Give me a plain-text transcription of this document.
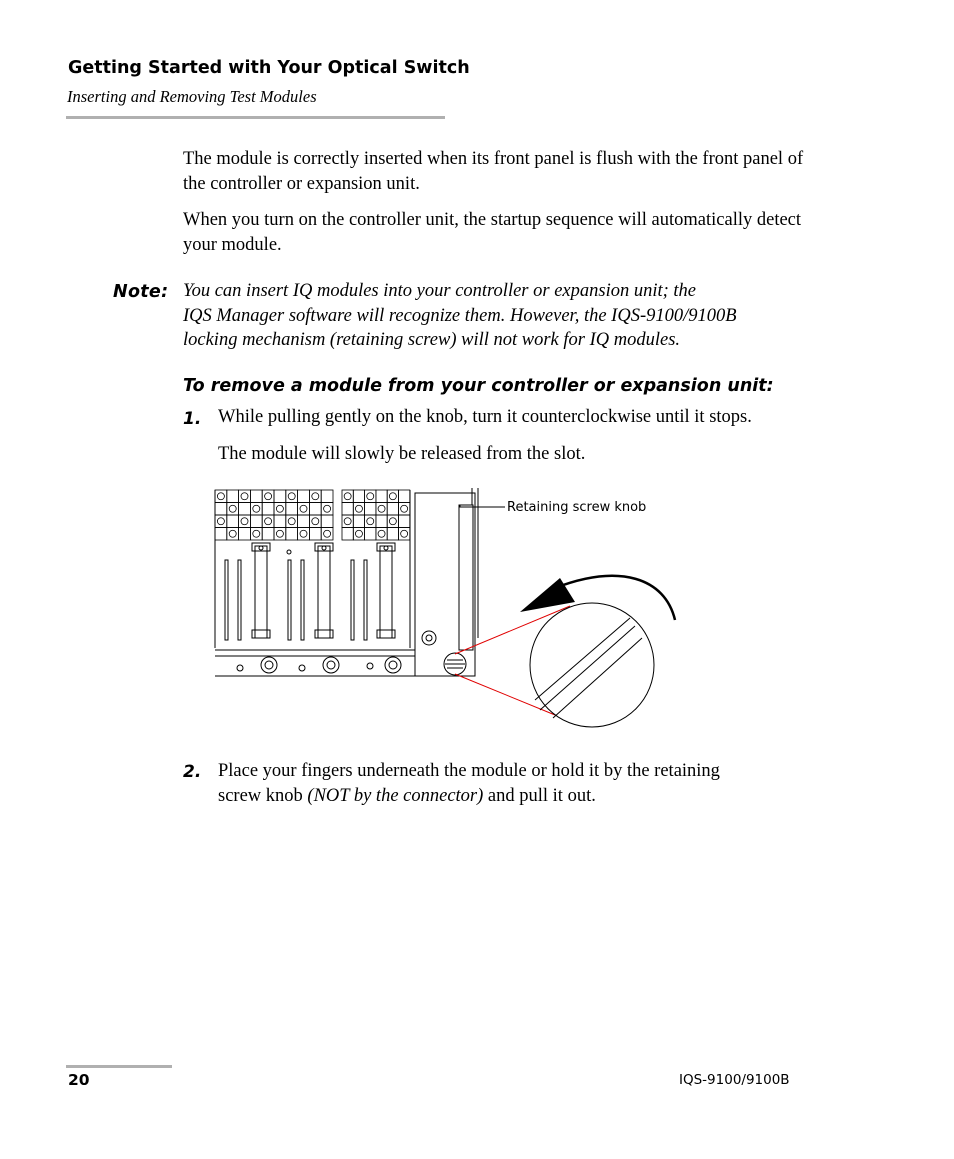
Getting Started with Your Optical Switch
Inserting and Removing Test Modules

The module is correctly inserted when its front panel is flush with the front panel of the controller or expansion unit.

When you turn on the controller unit, the startup sequence will automatically detect your module.

Note: You can insert IQ modules into your controller or expansion unit; the
IQS Manager software will recognize them. However, the IQS-9100/9100B
locking mechanism (retaining screw) will not work for IQ modules.
To remove a module from your controller or expansion unit:
1. While pulling gently on the knob, turn it counterclockwise until it stops.
The module will slowly be released from the slot.
Retaining screw knob
2. Place your fingers underneath the module or hold it by the retaining
screw knob (NOT by the connector) and pull it out.
20	IQS-9100/9100B
